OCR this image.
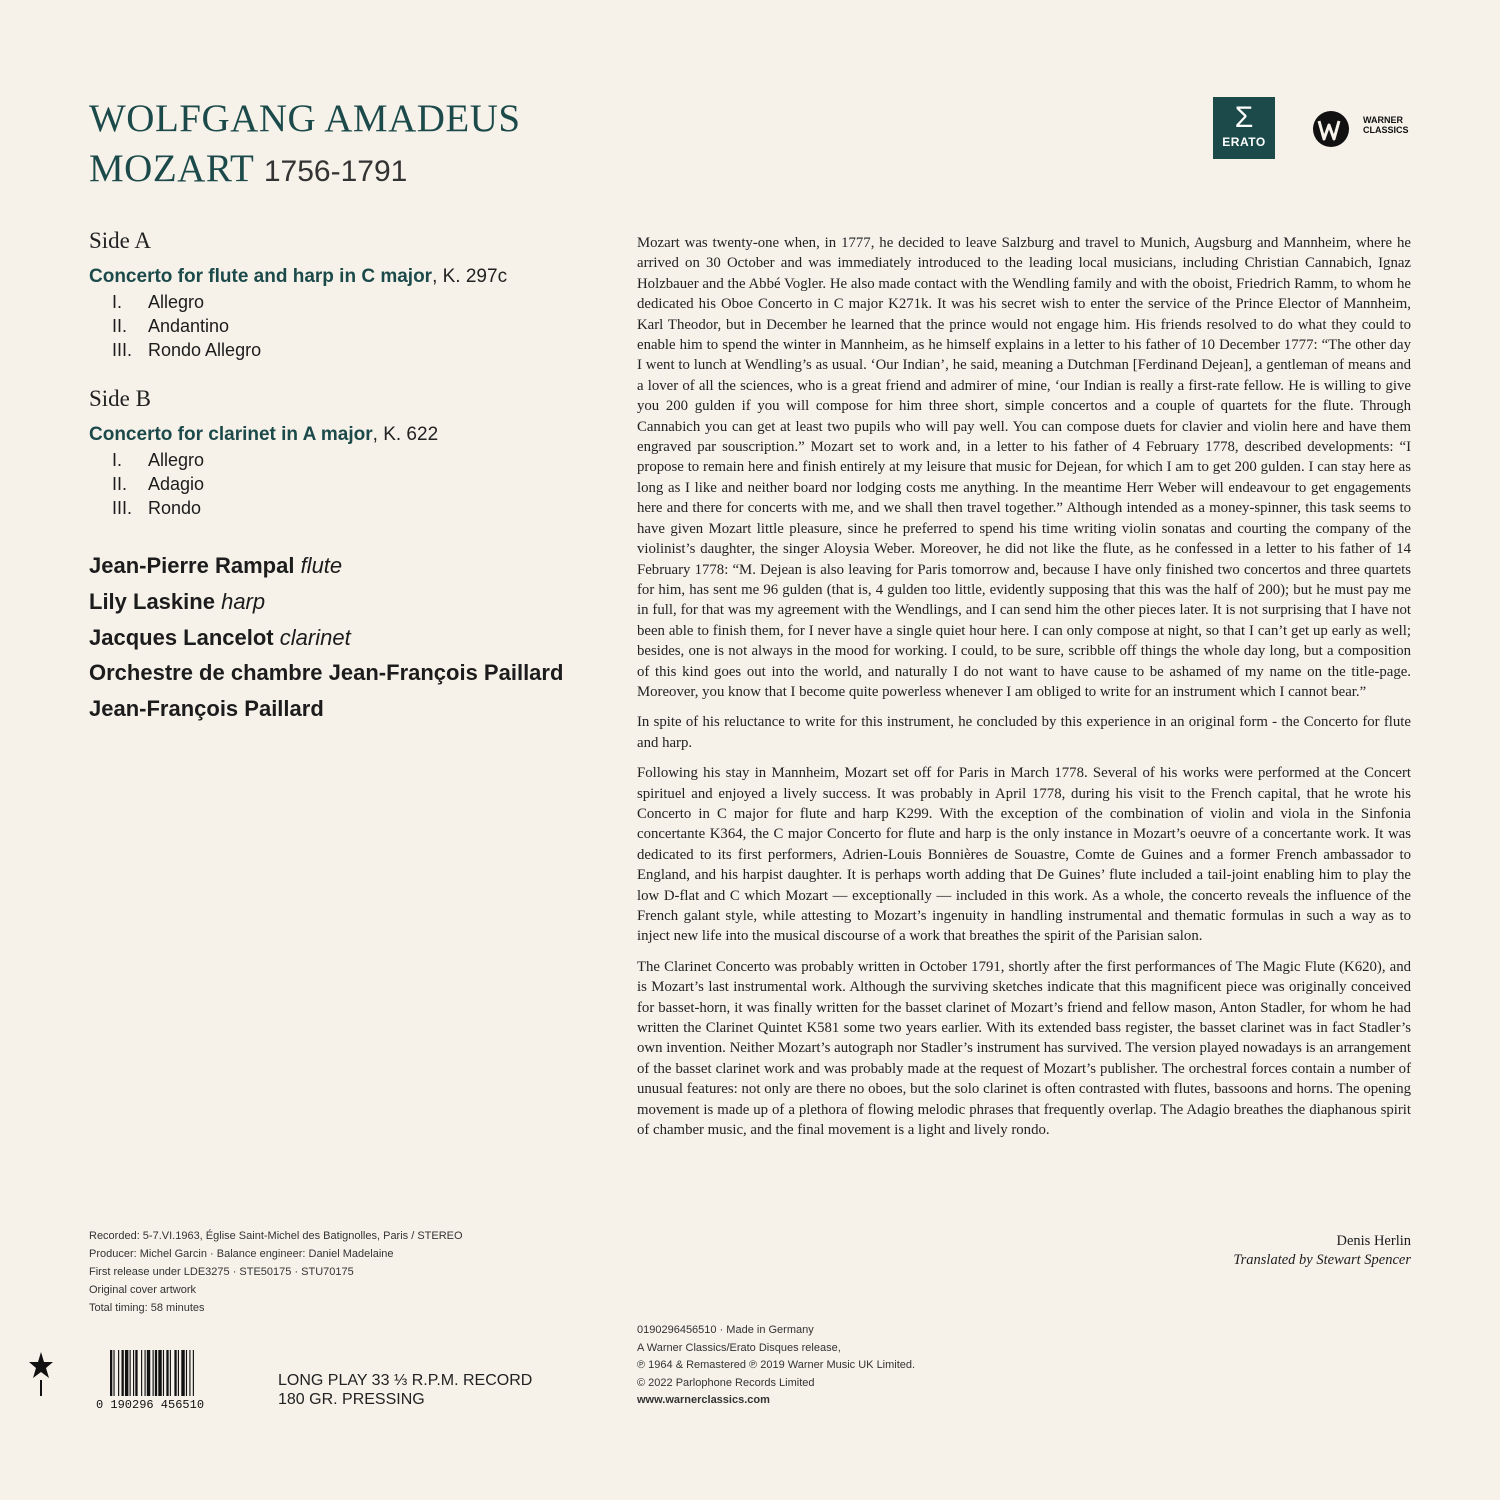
WOLFGANG AMADEUS
MOZART 1756-1791
Σ
ERATO
WARNER
CLASSICS
Side A
Concerto for flute and harp in C major, K. 297c
I. Allegro
II. Andantino
III. Rondo Allegro
Side B
Concerto for clarinet in A major, K. 622
I. Allegro
II. Adagio
III. Rondo
Jean-Pierre Rampal flute
Lily Laskine harp
Jacques Lancelot clarinet
Orchestre de chambre Jean-François Paillard
Jean-François Paillard

Mozart was twenty-one when, in 1777, he decided to leave Salzburg and travel to Munich, Augsburg and Mannheim, where he arrived on 30 October and was immediately introduced to the leading local musicians, including Christian Cannabich, Ignaz Holzbauer and the Abbé Vogler. He also made contact with the Wendling family and with the oboist, Friedrich Ramm, to whom he dedicated his Oboe Concerto in C major K271k. It was his secret wish to enter the service of the Prince Elector of Mannheim, Karl Theodor, but in December he learned that the prince would not engage him. His friends resolved to do what they could to enable him to spend the winter in Mannheim, as he himself explains in a letter to his father of 10 December 1777: “The other day I went to lunch at Wendling’s as usual. ‘Our Indian’, he said, meaning a Dutchman [Ferdinand Dejean], a gentleman of means and a lover of all the sciences, who is a great friend and admirer of mine, ‘our Indian is really a first-rate fellow. He is willing to give you 200 gulden if you will compose for him three short, simple concertos and a couple of quartets for the flute. Through Cannabich you can get at least two pupils who will pay well. You can compose duets for clavier and violin here and have them engraved par souscription.” Mozart set to work and, in a letter to his father of 4 February 1778, described developments: “I propose to remain here and finish entirely at my leisure that music for Dejean, for which I am to get 200 gulden. I can stay here as long as I like and neither board nor lodging costs me anything. In the meantime Herr Weber will endeavour to get engagements here and there for concerts with me, and we shall then travel together.” Although intended as a money-spinner, this task seems to have given Mozart little pleasure, since he preferred to spend his time writing violin sonatas and courting the company of the violinist’s daughter, the singer Aloysia Weber. Moreover, he did not like the flute, as he confessed in a letter to his father of 14 February 1778: “M. Dejean is also leaving for Paris tomorrow and, because I have only finished two concertos and three quartets for him, has sent me 96 gulden (that is, 4 gulden too little, evidently supposing that this was the half of 200); but he must pay me in full, for that was my agreement with the Wendlings, and I can send him the other pieces later. It is not surprising that I have not been able to finish them, for I never have a single quiet hour here. I can only compose at night, so that I can’t get up early as well; besides, one is not always in the mood for working. I could, to be sure, scribble off things the whole day long, but a composition of this kind goes out into the world, and naturally I do not want to have cause to be ashamed of my name on the title-page. Moreover, you know that I become quite powerless whenever I am obliged to write for an instrument which I cannot bear.”

In spite of his reluctance to write for this instrument, he concluded by this experience in an original form - the Concerto for flute and harp.

Following his stay in Mannheim, Mozart set off for Paris in March 1778. Several of his works were performed at the Concert spirituel and enjoyed a lively success. It was probably in April 1778, during his visit to the French capital, that he wrote his Concerto in C major for flute and harp K299. With the exception of the combination of violin and viola in the Sinfonia concertante K364, the C major Concerto for flute and harp is the only instance in Mozart’s oeuvre of a concertante work. It was dedicated to its first performers, Adrien-Louis Bonnières de Souastre, Comte de Guines and a former French ambassador to England, and his harpist daughter. It is perhaps worth adding that De Guines’ flute included a tail-joint enabling him to play the low D-flat and C which Mozart — exceptionally — included in this work. As a whole, the concerto reveals the influence of the French galant style, while attesting to Mozart’s ingenuity in handling instrumental and thematic formulas in such a way as to inject new life into the musical discourse of a work that breathes the spirit of the Parisian salon.

The Clarinet Concerto was probably written in October 1791, shortly after the first performances of The Magic Flute (K620), and is Mozart’s last instrumental work. Although the surviving sketches indicate that this magnificent piece was originally conceived for basset-horn, it was finally written for the basset clarinet of Mozart’s friend and fellow mason, Anton Stadler, for whom he had written the Clarinet Quintet K581 some two years earlier. With its extended bass register, the basset clarinet was in fact Stadler’s own invention. Neither Mozart’s autograph nor Stadler’s instrument has survived. The version played nowadays is an arrangement of the basset clarinet work and was probably made at the request of Mozart’s publisher. The orchestral forces contain a number of unusual features: not only are there no oboes, but the solo clarinet is often contrasted with flutes, bassoons and horns. The opening movement is made up of a plethora of flowing melodic phrases that frequently overlap. The Adagio breathes the diaphanous spirit of chamber music, and the final movement is a light and lively rondo.

Denis Herlin
Translated by Stewart Spencer
Recorded: 5-7.VI.1963, Église Saint-Michel des Batignolles, Paris / STEREO
Producer: Michel Garcin · Balance engineer: Daniel Madelaine
First release under LDE3275 · STE50175 · STU70175
Original cover artwork
Total timing: 58 minutes
0 190296 456510
LONG PLAY 33 ⅓ R.P.M. RECORD
180 GR. PRESSING
0190296456510 · Made in Germany
A Warner Classics/Erato Disques release,
℗ 1964 & Remastered ℗ 2019 Warner Music UK Limited.
© 2022 Parlophone Records Limited
www.warnerclassics.com
